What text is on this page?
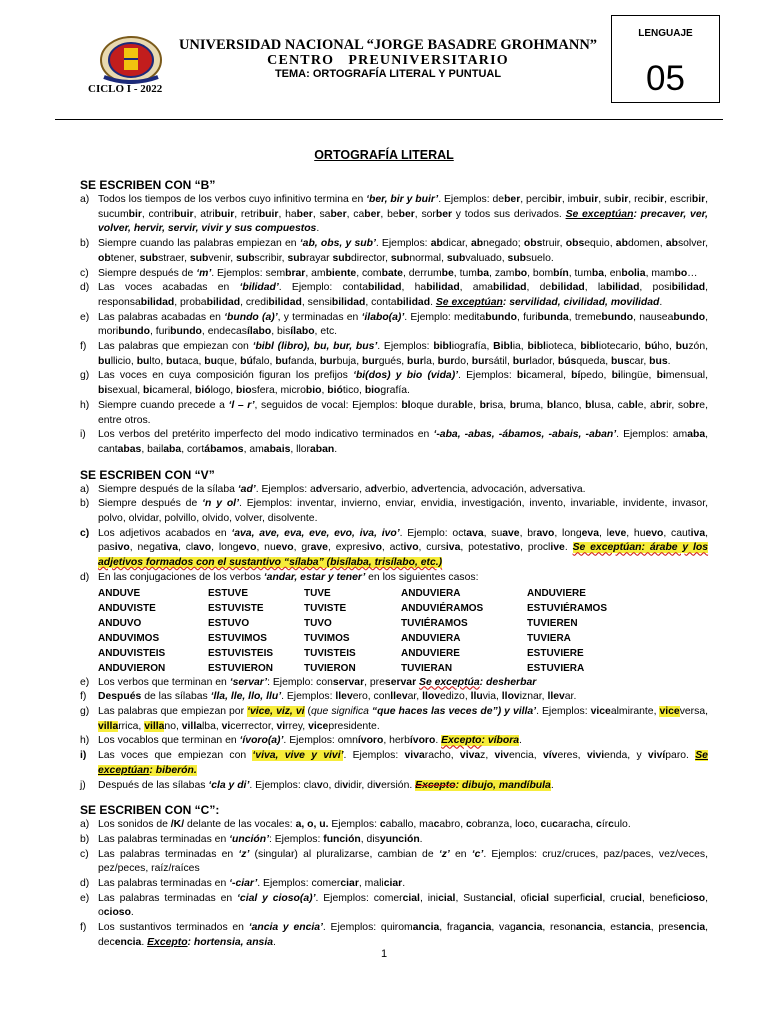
CICLO I - 2022
UNIVERSIDAD NACIONAL “JORGE BASADRE GROHMANN”
CENTRO   PREUNIVERSITARIO
TEMA: ORTOGRAFÍA LITERAL Y PUNTUAL
LENGUAJE
05
ORTOGRAFÍA LITERAL
SE ESCRIBEN CON “B”
a) Todos los tiempos de los verbos cuyo infinitivo termina en ‘ber, bir y buir’. Ejemplos: deber, percibir, imbuir, subir, recibir, escribir, sucumbir, contribuir, atribuir, retribuir, haber, saber, caber, beber, sorber y todos sus derivados. Se exceptúan: precaver, ver, volver, hervir, servir, vivir y sus compuestos.
b) Siempre cuando las palabras empiezan en ‘ab, obs, y sub’. Ejemplos: abdicar, abnegado; obstruir, obsequio, abdomen, absolver, obtener, substraer, subvenir, subscribir, subrayar subdirector, subnormal, subvaluado, subsuelo.
c) Siempre después de ‘m’. Ejemplos: sembrar, ambiente, combate, derrumbe, tumba, zambo, bombín, tumba, enbolia, mambo…
d) Las voces acabadas en ‘bilidad’. Ejemplo: contabilidad, habilidad, amabilidad, debilidad, labilidad, posibilidad, responsabilidad, probabilidad, credibilidad, sensibilidad, contabilidad. Se exceptúan: servilidad, civilidad, movilidad.
e) Las palabras acabadas en ‘bundo (a)’, y terminadas en ‘ilabo(a)’. Ejemplo: meditabundo, furibunda, tremebundo, nauseabundo, moribundo, furibundo, endecasílabo, bisílabo, etc.
f) Las palabras que empiezan con ‘bibl (libro), bu, bur, bus’. Ejemplos: bibliografía, Biblia, biblioteca, bibliotecario, búho, buzón, bullicio, bulto, butaca, buque, búfalo, bufanda, burbuja, burgués, burla, burdo, bursátil, burlador, búsqueda, buscar, bus.
g) Las voces en cuya composición figuran los prefijos ‘bi(dos) y bio (vida)’. Ejemplos: bicameral, bípedo, bilingüe, bimensual, bisexual, bicameral, biólogo, biosfera, microbio, biótico, biografía.
h) Siempre cuando precede a ‘l – r’, seguidos de vocal: Ejemplos: bloque durable, brisa, bruma, blanco, blusa, cable, abrir, sobre, entre otros.
i) Los verbos del pretérito imperfecto del modo indicativo terminados en ‘-aba, -abas, -ábamos, -abais, -aban’. Ejemplos: amaba, cantabas, bailaba, cortábamos, amabais, lloraban.
SE ESCRIBEN CON “V”
a) Siempre después de la sílaba ‘ad’. Ejemplos: adversario, adverbio, advertencia, advocación, adversativa.
b) Siempre después de ‘n y ol’. Ejemplos: inventar, invierno, enviar, envidia, investigación, invento, invariable, invidente, invasor, polvo, olvidar, polvillo, olvido, volver, disolvente.
c) Los adjetivos acabados en ‘ava, ave, eva, eve, evo, iva, ivo’. Ejemplo: octava, suave, bravo, longeva, leve, huevo, cautiva, pasivo, negativa, clavo, longevo, nuevo, grave, expresivo, activo, cursiva, potestativo, proclive. Se exceptúan: árabe y los adjetivos formados con el sustantivo “sílaba” (bisílaba, trisílabo, etc.)
d) En las conjugaciones de los verbos ‘andar, estar y tener’ en los siguientes casos:
ANDUVE	ESTUVE	TUVE	ANDUVIERA	ANDUVIERE
ANDUVISTE	ESTUVISTE	TUVISTE	ANDUVIÉRAMOS	ESTUVIÉRAMOS
ANDUVO	ESTUVO	TUVO	TUVIÉRAMOS	TUVIEREN
ANDUVIMOS	ESTUVIMOS	TUVIMOS	ANDUVIERA	TUVIERA
ANDUVISTEIS	ESTUVISTEIS	TUVISTEIS	ANDUVIERE	ESTUVIERE
ANDUVIERON	ESTUVIERON	TUVIERON	TUVIERAN	ESTUVIERA
e) Los verbos que terminan en ‘servar’: Ejemplo: conservar, preservar Se exceptúa: desherbar
f) Después de las sílabas ‘lla, lle, llo, llu’. Ejemplos: llevero, conllevar, llovedizo, lluvia, lloviznar, llevar.
g) Las palabras que empiezan por ‘vice, viz, vi (que significa “que haces las veces de”) y villa’. Ejemplos: vicealmirante, viceversa, villarrica, villano, villalba, vicerrector, virrey, vicepresidente.
h) Los vocablos que terminan en ‘ívoro(a)’. Ejemplos: omnívoro, herbívoro. Excepto: víbora.
i) Las voces que empiezan con ‘viva, vive y vivi’. Ejemplos: vivaracho, vivaz, vivencia, víveres, vivienda, y vivíparo. Se exceptúan: biberón.
j) Después de las sílabas ‘cla y di’. Ejemplos: clavo, dividir, diversión. Excepto: dibujo, mandíbula.
SE ESCRIBEN CON “C”:
a) Los sonidos de /K/ delante de las vocales: a, o, u. Ejemplos: caballo, macabro, cobranza, loco, cucaracha, círculo.
b) Las palabras terminadas en ‘unción’: Ejemplos: función, disyunción.
c) Las palabras terminadas en ‘z’ (singular) al pluralizarse, cambian de ‘z’ en ‘c’. Ejemplos: cruz/cruces, paz/paces, vez/veces, pez/peces, raíz/raíces
d) Las palabras terminadas en ‘-ciar’. Ejemplos: comerciar, maliciar.
e) Las palabras terminadas en ‘cial y cioso(a)’. Ejemplos: comercial, inicial, Sustancial, oficial superficial, crucial, beneficioso, ocioso.
f) Los sustantivos terminados en ‘ancia y encia’. Ejemplos: quiromancia, fragancia, vagancia, resonancia, estancia, presencia, decencia. Excepto: hortensia, ansia.
1
